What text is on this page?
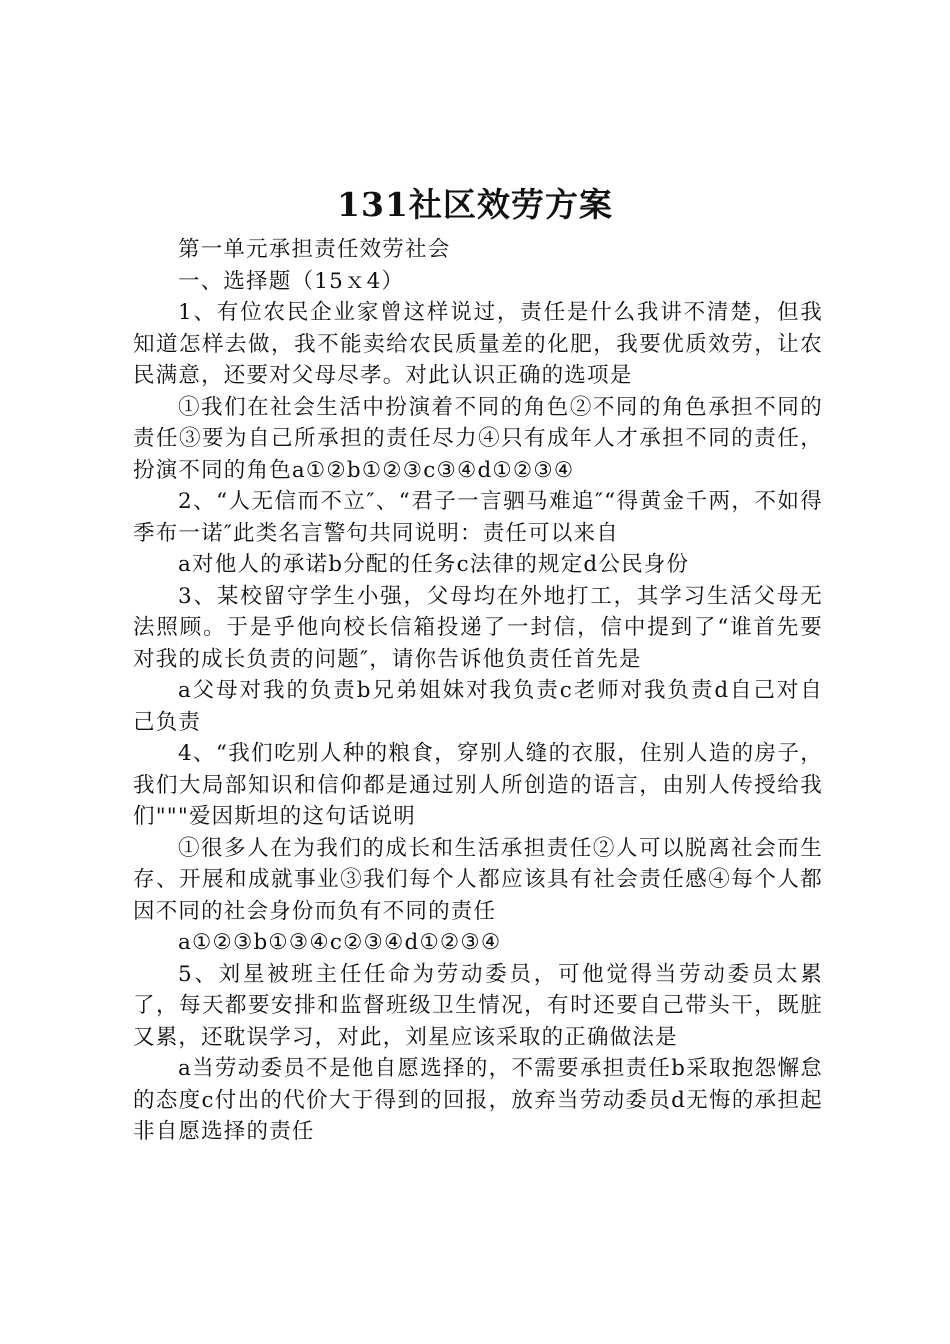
131社区效劳方案

第一单元承担责任效劳社会

一、选择题（15ｘ4）

1、有位农民企业家曾这样说过，责任是什么我讲不清楚，但我知道怎样去做，我不能卖给农民质量差的化肥，我要优质效劳，让农民满意，还要对父母尽孝。对此认识正确的选项是

①我们在社会生活中扮演着不同的角色②不同的角色承担不同的责任③要为自己所承担的责任尽力④只有成年人才承担不同的责任，扮演不同的角色a①②b①②③c③④d①②③④

2、“人无信而不立″、“君子一言驷马难追″“得黄金千两，不如得季布一诺″此类名言警句共同说明：责任可以来自

a对他人的承诺b分配的任务c法律的规定d公民身份

3、某校留守学生小强，父母均在外地打工，其学习生活父母无法照顾。于是乎他向校长信箱投递了一封信，信中提到了“谁首先要对我的成长负责的问题″，请你告诉他负责任首先是

a父母对我的负责b兄弟姐妹对我负责c老师对我负责d自己对自己负责

4、“我们吃别人种的粮食，穿别人缝的衣服，住别人造的房子，我们大局部知识和信仰都是通过别人所创造的语言，由别人传授给我们"""爱因斯坦的这句话说明

①很多人在为我们的成长和生活承担责任②人可以脱离社会而生存、开展和成就事业③我们每个人都应该具有社会责任感④每个人都因不同的社会身份而负有不同的责任

a①②③b①③④c②③④d①②③④

5、刘星被班主任任命为劳动委员，可他觉得当劳动委员太累了，每天都要安排和监督班级卫生情况，有时还要自己带头干，既脏又累，还耽误学习，对此，刘星应该采取的正确做法是

a当劳动委员不是他自愿选择的，不需要承担责任b采取抱怨懈怠的态度c付出的代价大于得到的回报，放弃当劳动委员d无悔的承担起非自愿选择的责任
